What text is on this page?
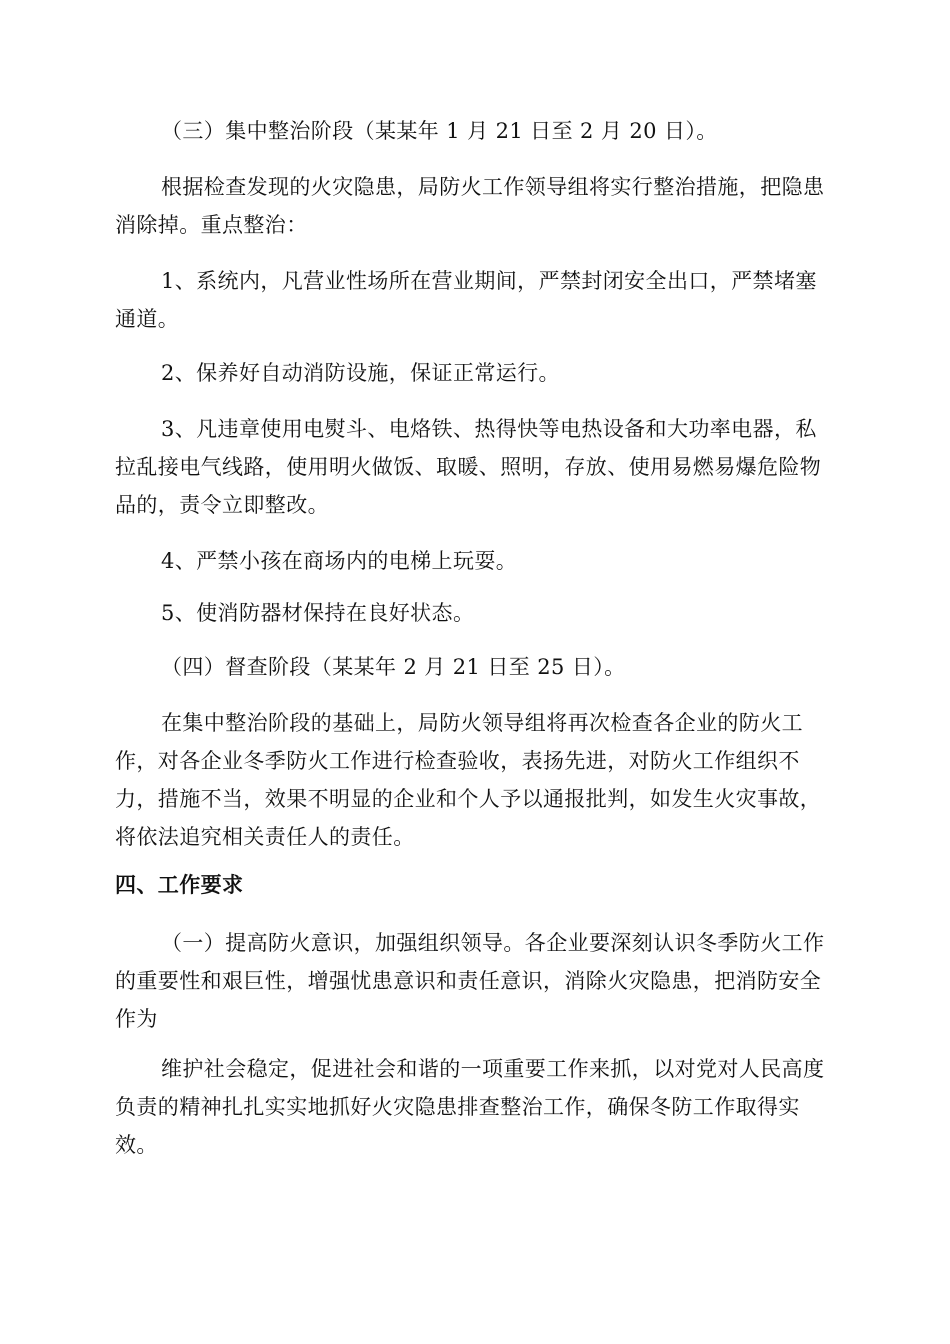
（三）集中整治阶段（某某年 1 月 21 日至 2 月 20 日）。

根据检查发现的火灾隐患，局防火工作领导组将实行整治措施，把隐患消除掉。重点整治：

1、系统内，凡营业性场所在营业期间，严禁封闭安全出口，严禁堵塞通道。

2、保养好自动消防设施，保证正常运行。

3、凡违章使用电熨斗、电烙铁、热得快等电热设备和大功率电器，私拉乱接电气线路，使用明火做饭、取暖、照明，存放、使用易燃易爆危险物品的，责令立即整改。

4、严禁小孩在商场内的电梯上玩耍。

5、使消防器材保持在良好状态。

（四）督查阶段（某某年 2 月 21 日至 25 日）。

在集中整治阶段的基础上，局防火领导组将再次检查各企业的防火工作，对各企业冬季防火工作进行检查验收，表扬先进，对防火工作组织不力，措施不当，效果不明显的企业和个人予以通报批判，如发生火灾事故，将依法追究相关责任人的责任。

四、工作要求

（一）提高防火意识，加强组织领导。各企业要深刻认识冬季防火工作的重要性和艰巨性，增强忧患意识和责任意识，消除火灾隐患，把消防安全作为

维护社会稳定，促进社会和谐的一项重要工作来抓，以对党对人民高度负责的精神扎扎实实地抓好火灾隐患排查整治工作，确保冬防工作取得实效。
